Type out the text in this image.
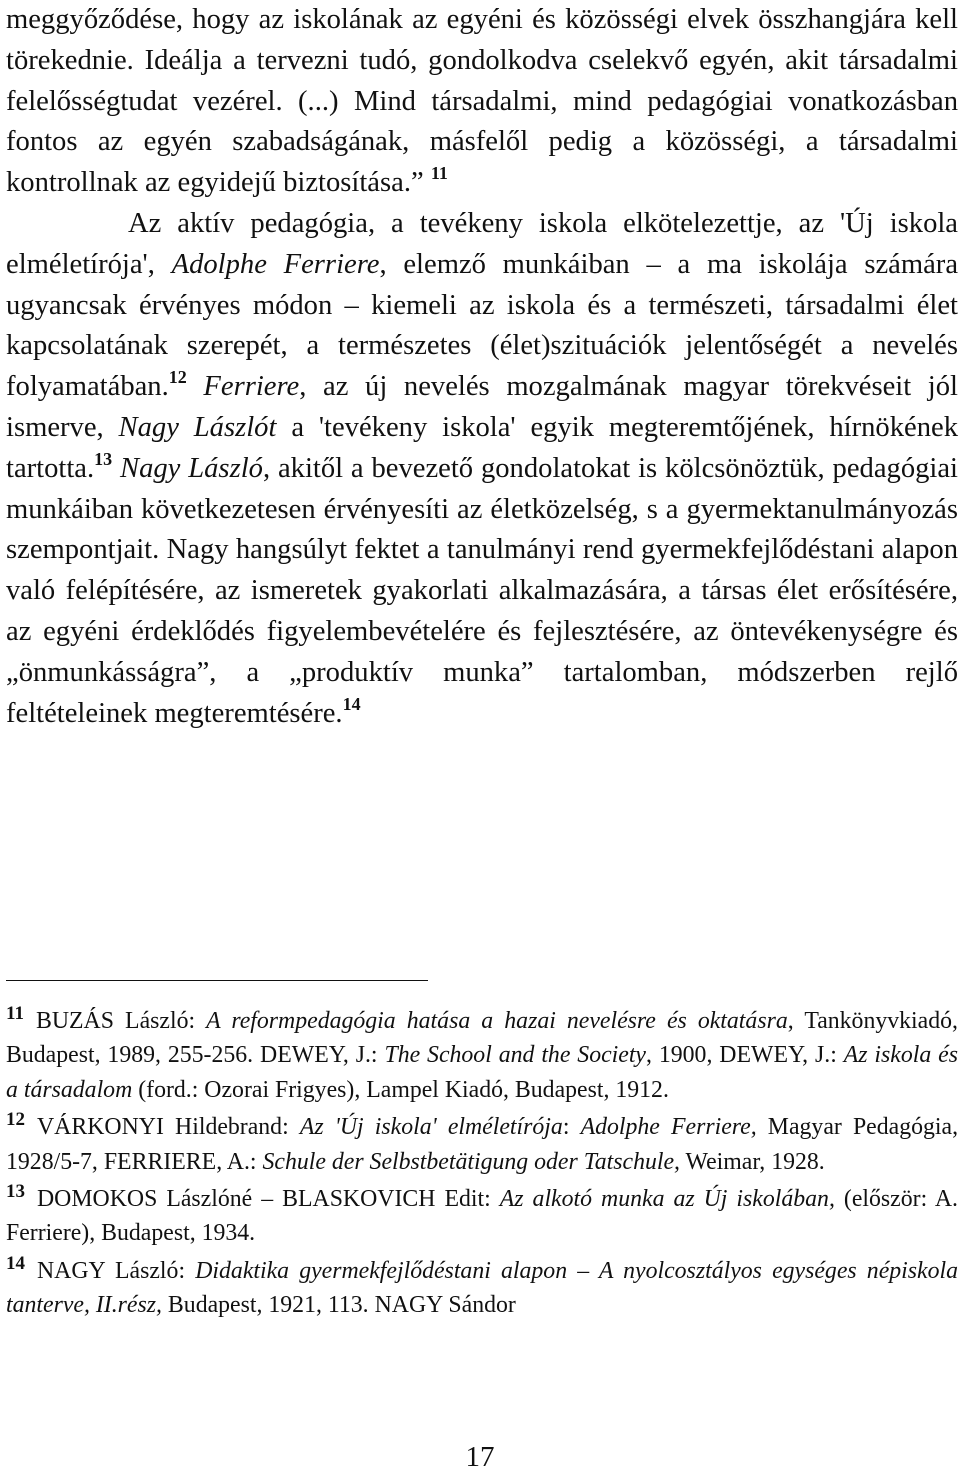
meggyőződése, hogy az iskolának az egyéni és közösségi elvek összhangjára kell törekednie. Ideálja a tervezni tudó, gondolkodva cselekvő egyén, akit társadalmi felelősségtudat vezérel. (...) Mind társadalmi, mind pedagógiai vonatkozásban fontos az egyén szabadságának, másfelől pedig a közösségi, a társadalmi kontrollnak az egyidejű biztosítása.” $^{11}$

Az aktív pedagógia, a tevékeny iskola elkötelezettje, az 'Új iskola elméletírója', Adolphe Ferriere, elemző munkáiban – a ma iskolája számára ugyancsak érvényes módon – kiemeli az iskola és a természeti, társadalmi élet kapcsolatának szerepét, a természetes (élet)szituációk jelentőségét a nevelés folyamatában.$^{12}$ Ferriere, az új nevelés mozgalmának magyar törekvéseit jól ismerve, Nagy Lászlót a 'tevékeny iskola' egyik megteremtőjének, hírnökének tartotta.$^{13}$ Nagy László, akitől a bevezető gondolatokat is kölcsönöztük, pedagógiai munkáiban következetesen érvényesíti az életközelség, s a gyermektanulmányozás szempontjait. Nagy hangsúlyt fektet a tanulmányi rend gyermekfejlődéstani alapon való felépítésére, az ismeretek gyakorlati alkalmazására, a társas élet erősítésére, az egyéni érdeklődés figyelembevételére és fejlesztésére, az öntevékenységre és „önmunkásságra”, a „produktív munka” tartalomban, módszerben rejlő feltételeinek megteremtésére.$^{14}$

$^{11}$ BUZÁS László: A reformpedagógia hatása a hazai nevelésre és oktatásra, Tankönyvkiadó, Budapest, 1989, 255-256. DEWEY, J.: The School and the Society, 1900, DEWEY, J.: Az iskola és a társadalom (ford.: Ozorai Frigyes), Lampel Kiadó, Budapest, 1912.

$^{12}$ VÁRKONYI Hildebrand: Az 'Új iskola' elméletírója: Adolphe Ferriere, Magyar Pedagógia, 1928/5-7, FERRIERE, A.: Schule der Selbstbetätigung oder Tatschule, Weimar, 1928.

$^{13}$ DOMOKOS Lászlóné – BLASKOVICH Edit: Az alkotó munka az Új iskolában, (először: A. Ferriere), Budapest, 1934.

$^{14}$ NAGY László: Didaktika gyermekfejlődéstani alapon – A nyolcosztályos egységes népiskola tanterve, II.rész, Budapest, 1921, 113. NAGY Sándor

17
